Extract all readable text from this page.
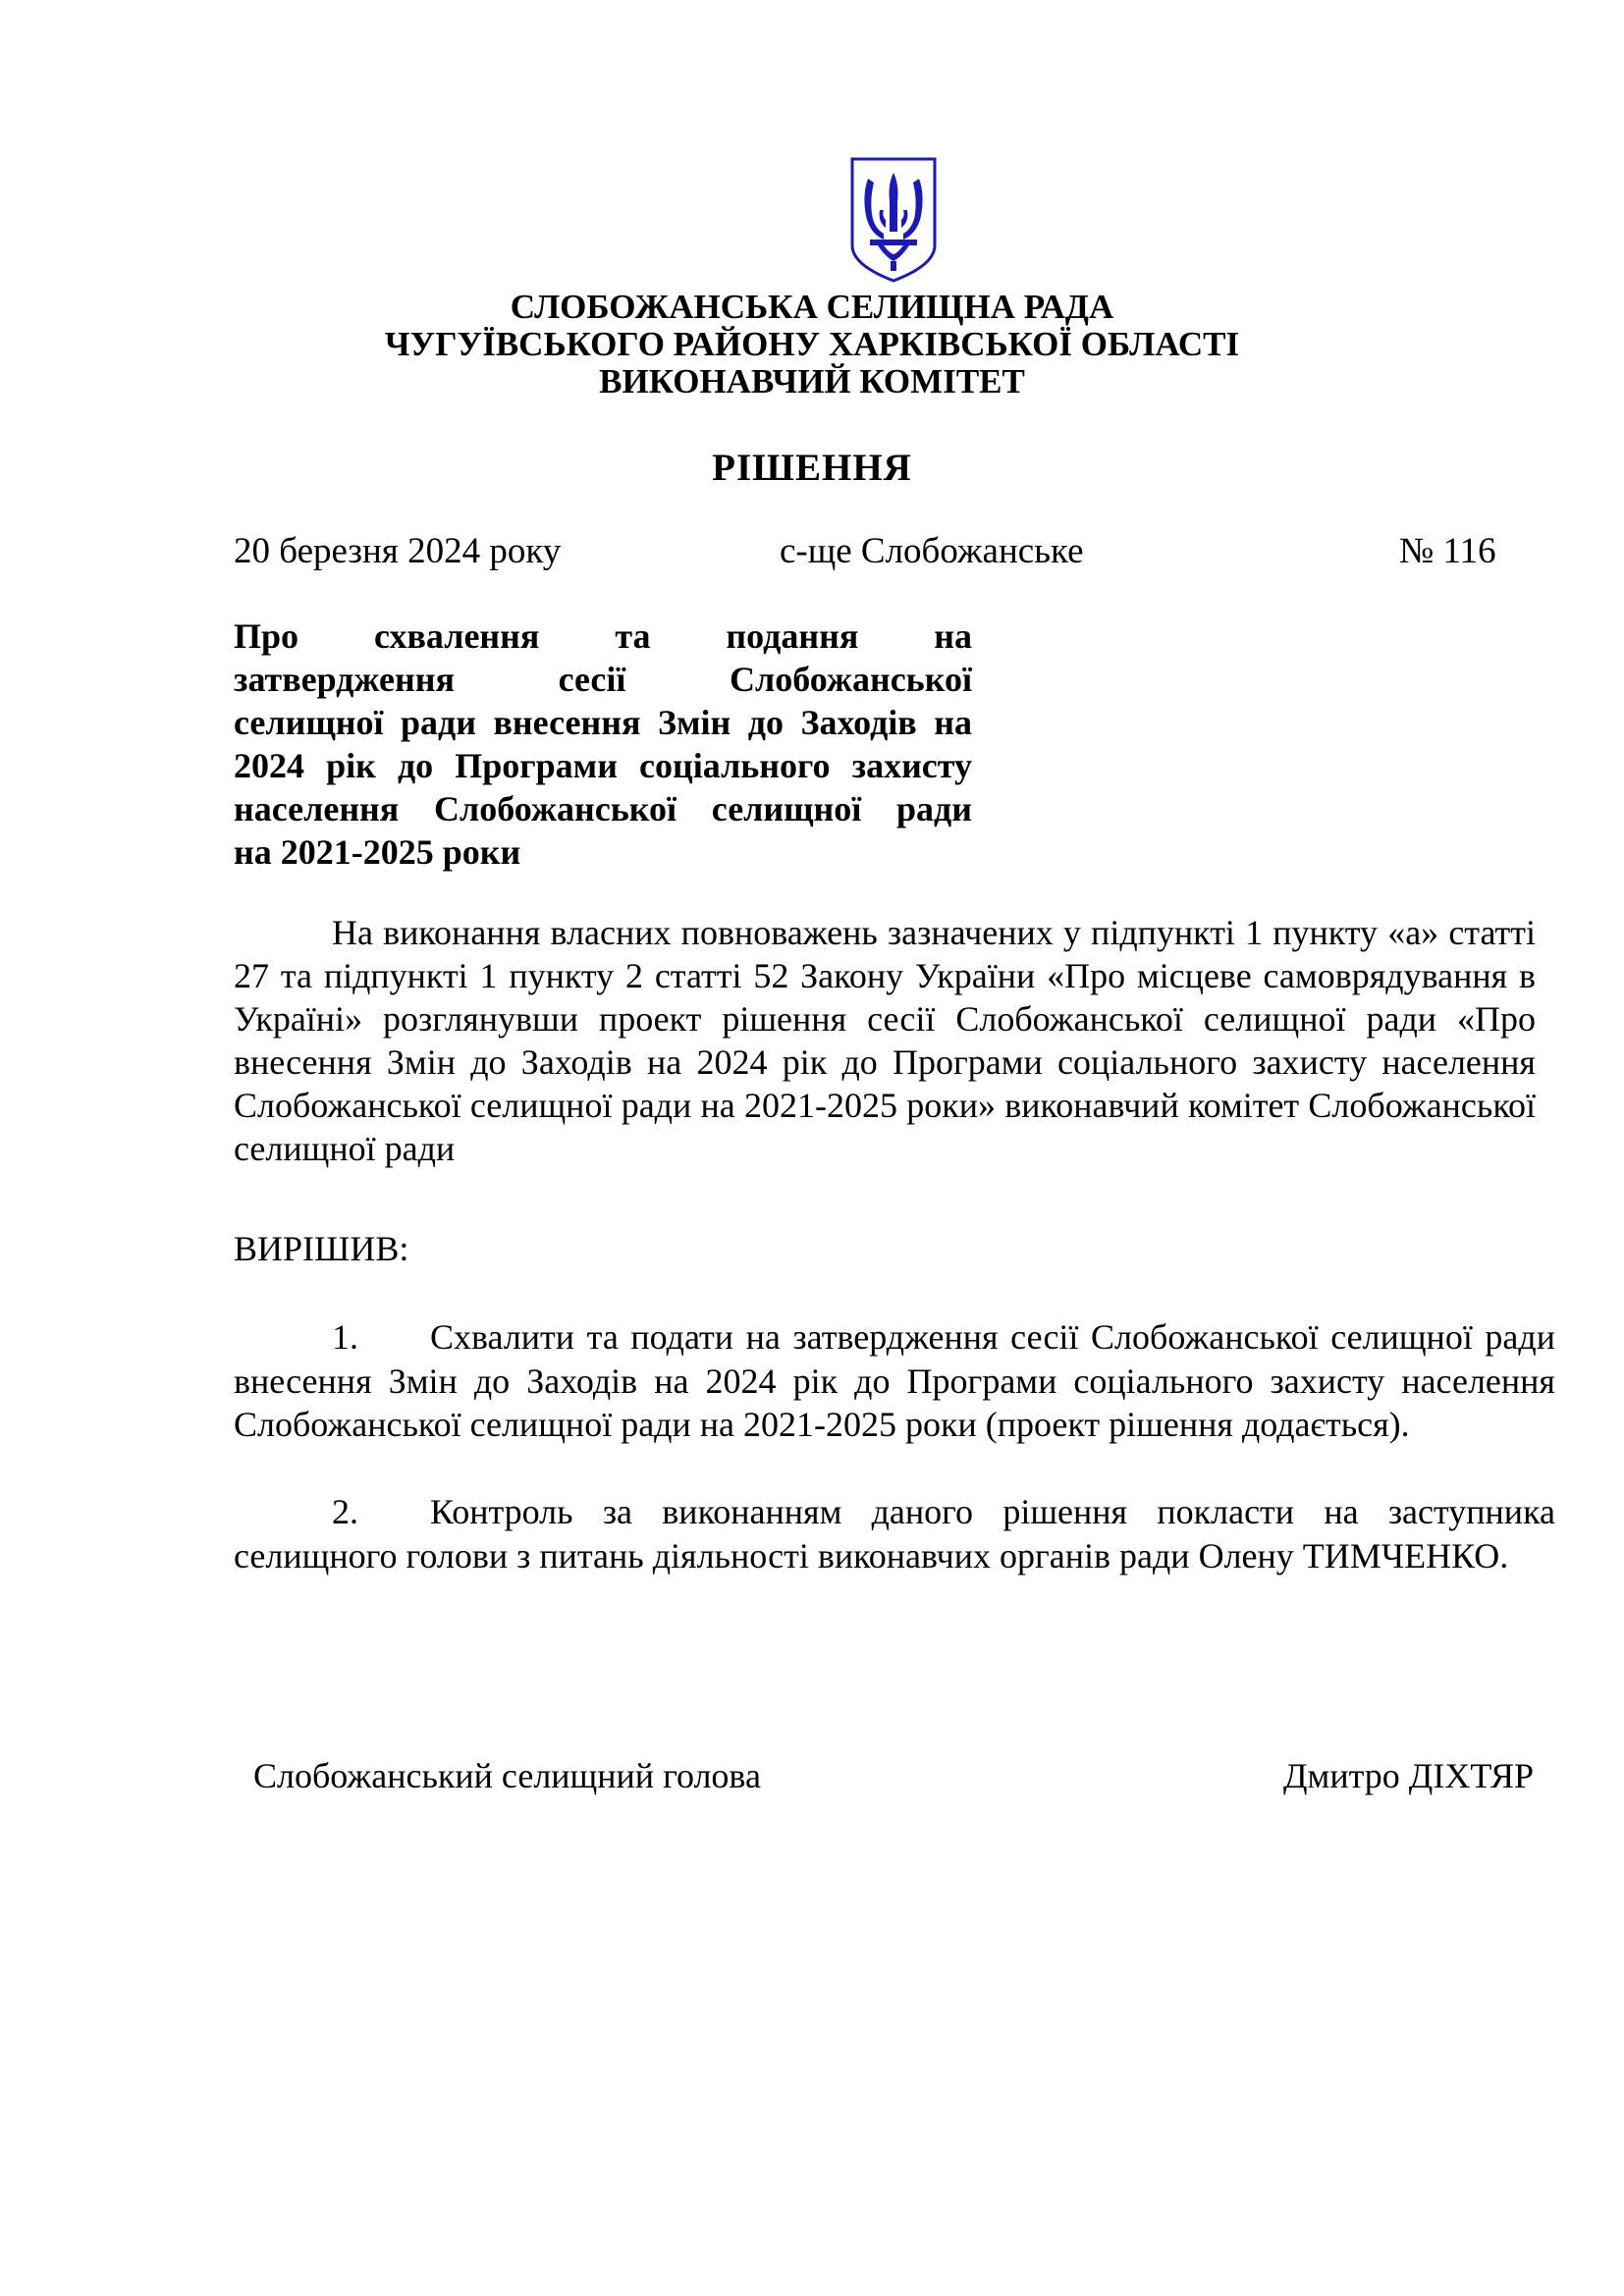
СЛОБОЖАНСЬКА СЕЛИЩНА РАДА
ЧУГУЇВСЬКОГО РАЙОНУ ХАРКІВСЬКОЇ ОБЛАСТІ
ВИКОНАВЧИЙ КОМІТЕТ
РІШЕННЯ
20 березня 2024 року	с-ще Слобожанське	№ 116
Про схвалення та подання на
затвердження сесії Слобожанської
селищної ради внесення Змін до Заходів на
2024 рік до Програми соціального захисту
населення Слобожанської селищної ради
на 2021-2025 роки
На виконання власних повноважень зазначених у підпункті 1 пункту «а» статті 27 та підпункті 1 пункту 2 статті 52 Закону України «Про місцеве самоврядування в Україні» розглянувши проект рішення сесії Слобожанської селищної ради «Про внесення Змін до Заходів на 2024 рік до Програми соціального захисту населення Слобожанської селищної ради на 2021-2025 роки» виконавчий комітет Слобожанської селищної ради
ВИРІШИВ:
1. Схвалити та подати на затвердження сесії Слобожанської селищної ради внесення Змін до Заходів на 2024 рік до Програми соціального захисту населення Слобожанської селищної ради на 2021-2025 роки (проект рішення додається).
2. Контроль за виконанням даного рішення покласти на заступника селищного голови з питань діяльності виконавчих органів ради Олену ТИМЧЕНКО.
Слобожанський селищний голова	Дмитро ДІХТЯР
